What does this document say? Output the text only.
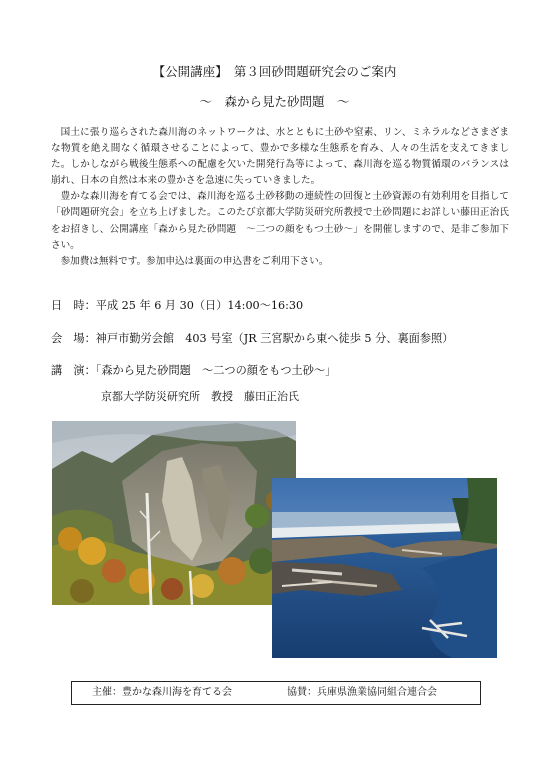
【公開講座】　第３回砂問題研究会のご案内
～　森から見た砂問題　～

国土に張り巡らされた森川海のネットワークは、水とともに土砂や窒素、リン、ミネラルなどさまざまな物質を絶え間なく循環させることによって、豊かで多様な生態系を育み、人々の生活を支えてきました。しかしながら戦後生態系への配慮を欠いた開発行為等によって、森川海を巡る物質循環のバランスは崩れ、日本の自然は本来の豊かさを急速に失っていきました。

豊かな森川海を育てる会では、森川海を巡る土砂移動の連続性の回復と土砂資源の有効利用を目指して「砂問題研究会」を立ち上げました。このたび京都大学防災研究所教授で土砂問題にお詳しい藤田正治氏をお招きし、公開講座「森から見た砂問題　～二つの顔をもつ土砂～」を開催しますので、是非ご参加下さい。

参加費は無料です。参加申込は裏面の申込書をご利用下さい。

日　時：平成 25 年 6 月 30（日）14:00～16:30
会　場：神戸市勤労会館　403 号室（JR 三宮駅から東へ徒歩 5 分、裏面参照）
講　演：「森から見た砂問題　～二つの顔をもつ土砂～」
京都大学防災研究所　教授　藤田正治氏
主催：豊かな森川海を育てる会	協賛：兵庫県漁業協同組合連合会
